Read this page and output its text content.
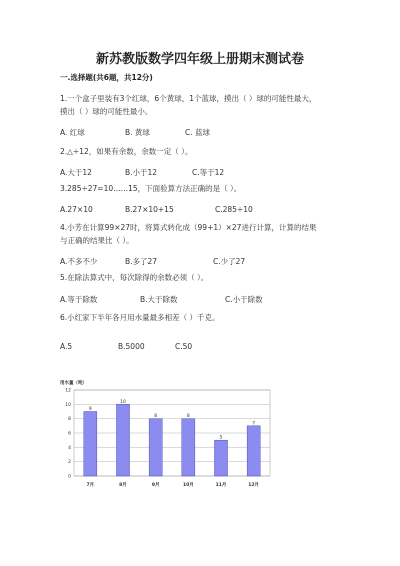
新苏教版数学四年级上册期末测试卷
一.选择题(共6题，共12分)
1.一个盒子里装有3个红球，6个黄球，1个蓝球，摸出（ ）球的可能性最大，
摸出（ ）球的可能性最小。
A. 红球	B. 黄球	C. 蓝球
2.△÷12，如果有余数，余数一定（ ）。
A.大于12	B.小于12	C.等于12
3.285÷27=10……15，下面验算方法正确的是（ ）。
A.27×10	B.27×10+15	C.285÷10
4.小芳在计算99×27时，将算式转化成（99+1）×27进行计算，计算的结果
与正确的结果比（ ）。
A.不多不少	B.多了27	C.少了27
5.在除法算式中，每次除得的余数必须（ ）。
A.等于除数	B.大于除数	C.小于除数
6.小红家下半年各月用水量最多相差（ ）千克。
A.5	B.5000	C.50
用水量（吨）
0
2
4
6
8
10
12
9
7月
10
8月
8
9月
8
10月
5
11月
7
12月
